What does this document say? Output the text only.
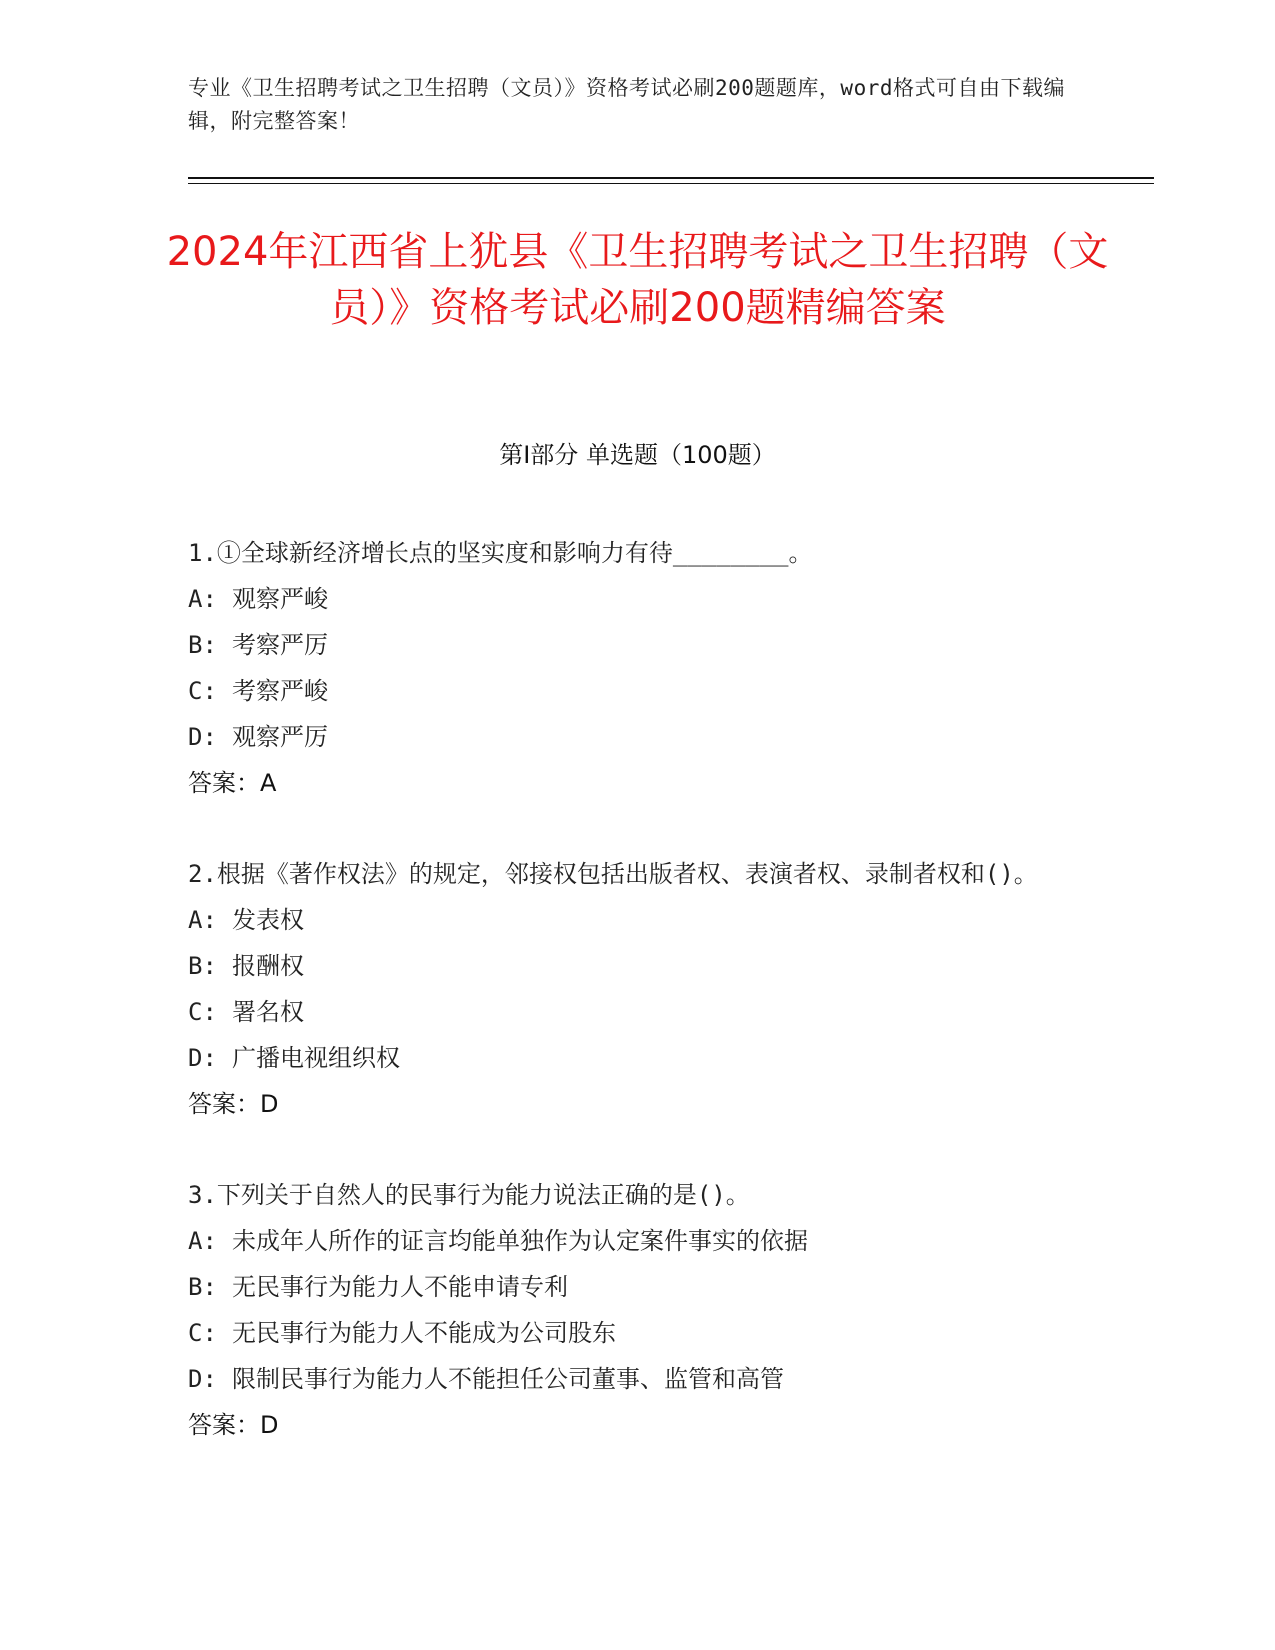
专业《卫生招聘考试之卫生招聘（文员）》资格考试必刷200题题库，word格式可自由下载编辑，附完整答案！
2024年江西省上犹县《卫生招聘考试之卫生招聘（文员）》资格考试必刷200题精编答案
第I部分 单选题（100题）

1.①全球新经济增长点的坚实度和影响力有待________。

A: 观察严峻

B: 考察严厉

C: 考察严峻

D: 观察严厉

答案：A

2.根据《著作权法》的规定，邻接权包括出版者权、表演者权、录制者权和()。

A: 发表权

B: 报酬权

C: 署名权

D: 广播电视组织权

答案：D

3.下列关于自然人的民事行为能力说法正确的是()。

A: 未成年人所作的证言均能单独作为认定案件事实的依据

B: 无民事行为能力人不能申请专利

C: 无民事行为能力人不能成为公司股东

D: 限制民事行为能力人不能担任公司董事、监管和高管

答案：D
